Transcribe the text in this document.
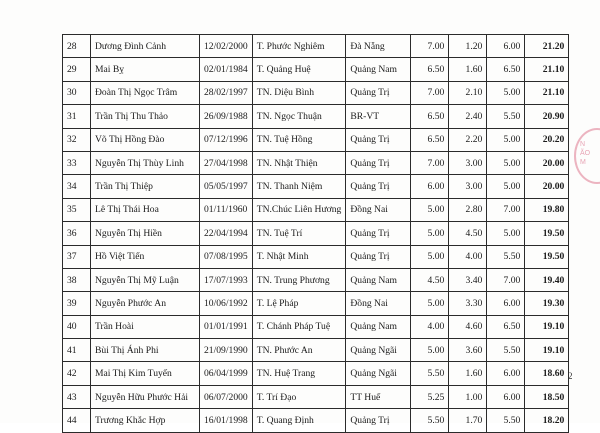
28	Dương Đình Cảnh	12/02/2000	T. Phước Nghiêm	Đà Nẵng	7.00	1.20	6.00	21.20
29	Mai Bỵ	02/01/1984	T. Quảng Huệ	Quảng Nam	6.50	1.60	6.50	21.10
30	Đoàn Thị Ngọc Trâm	28/02/1997	TN. Diệu Bình	Quảng Trị	7.00	2.10	5.00	21.10
31	Trần Thị Thu Thảo	26/09/1988	TN. Ngọc Thuận	BR-VT	6.50	2.40	5.50	20.90
32	Võ Thị Hồng Đào	07/12/1996	TN. Tuệ Hồng	Quảng Trị	6.50	2.20	5.00	20.20
33	Nguyễn Thị Thùy Linh	27/04/1998	TN. Nhật Thiện	Quảng Trị	7.00	3.00	5.00	20.00
34	Trần Thị Thiệp	05/05/1997	TN. Thanh Niệm	Quảng Trị	6.00	3.00	5.00	20.00
35	Lê Thị Thái Hoa	01/11/1960	TN.Chúc Liên Hương	Đồng Nai	5.00	2.80	7.00	19.80
36	Nguyễn Thị Hiền	22/04/1994	TN. Tuệ Trí	Quảng Trị	5.00	4.50	5.00	19.50
37	Hồ Việt Tiến	07/08/1995	T. Nhật Minh	Quảng Trị	5.00	4.00	5.50	19.50
38	Nguyễn Thị Mỹ Luận	17/07/1993	TN. Trung Phương	Quảng Nam	4.50	3.40	7.00	19.40
39	Nguyễn Phước An	10/06/1992	T. Lệ Pháp	Đồng Nai	5.00	3.30	6.00	19.30
40	Trần Hoài	01/01/1991	T. Chánh Pháp Tuệ	Quảng Nam	4.00	4.60	6.50	19.10
41	Bùi Thị Ánh Phi	21/09/1990	TN. Phước An	Quảng Ngãi	5.00	3.60	5.50	19.10
42	Mai Thị Kim Tuyến	06/04/1999	TN. Huệ Trang	Quảng Ngãi	5.50	1.60	6.00	18.60
43	Nguyễn Hữu Phước Hải	06/07/2000	T. Trí Đạo	TT Huế	5.25	1.00	6.00	18.50
44	Trương Khắc Hợp	16/01/1998	T. Quang Định	Quảng Trị	5.50	1.70	5.50	18.20
N
ÃO
M
2
